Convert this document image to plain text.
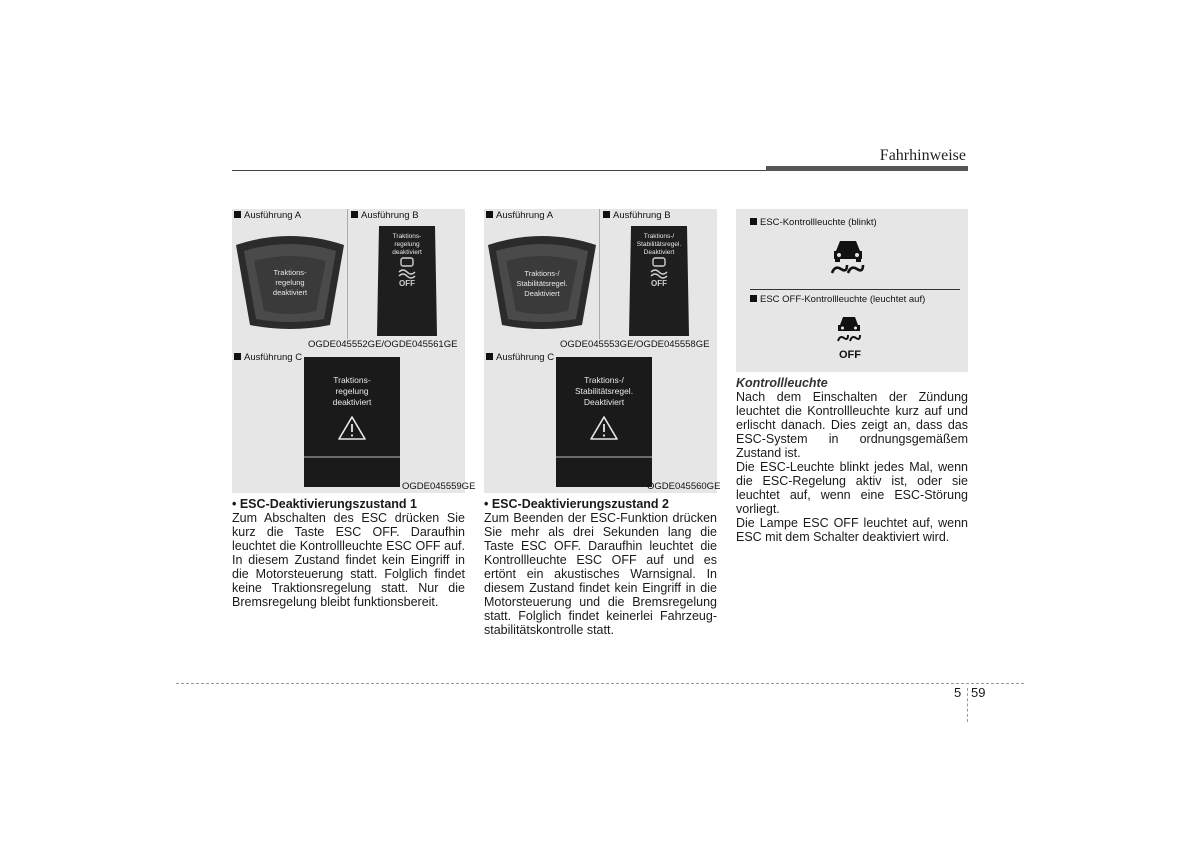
Fahrhinweise
Ausführung A	Ausführung B
Traktions-
regelung
deaktiviert
Traktions-
regelung
deaktiviert
OFF
OGDE045552GE/OGDE045561GE
Ausführung C
Traktions-
regelung
deaktiviert
OGDE045559GE
Ausführung A	Ausführung B
Traktions-/
Stabilitätsregel.
Deaktiviert
Traktions-/
Stabilitätsregel.
Deaktiviert
OFF
OGDE045553GE/OGDE045558GE
Ausführung C
Traktions-/
Stabilitätsregel.
Deaktiviert
OGDE045560GE
ESC-Kontrollleuchte (blinkt)
ESC OFF-Kontrollleuchte (leuchtet auf)
OFF
• ESC-Deaktivierungszustand 1
Zum Abschalten des ESC drücken Sie kurz die Taste ESC OFF. Daraufhin leuchtet die Kontrollleuchte ESC OFF auf. In diesem Zustand findet kein Eingriff in die Motorsteuerung statt. Folglich findet keine Traktionsregelung statt. Nur die Bremsregelung bleibt funktionsbereit.
• ESC-Deaktivierungszustand 2
Zum Beenden der ESC-Funktion drücken Sie mehr als drei Sekunden lang die Taste ESC OFF. Daraufhin leuchtet die Kontrollleuchte ESC OFF auf und es ertönt ein akustisches Warnsignal. In diesem Zustand findet kein Eingriff in die Motorsteuerung und die Bremsregelung statt. Folglich findet keinerlei Fahrzeugstabilitätskontrolle statt.
Kontrollleuchte
Nach dem Einschalten der Zündung leuchtet die Kontrollleuchte kurz auf und erlischt danach. Dies zeigt an, dass das ESC-System in ordnungsgemäßem Zustand ist.
Die ESC-Leuchte blinkt jedes Mal, wenn die ESC-Regelung aktiv ist, oder sie leuchtet auf, wenn eine ESC-Störung vorliegt.
Die Lampe ESC OFF leuchtet auf, wenn ESC mit dem Schalter deaktiviert wird.
5 59
